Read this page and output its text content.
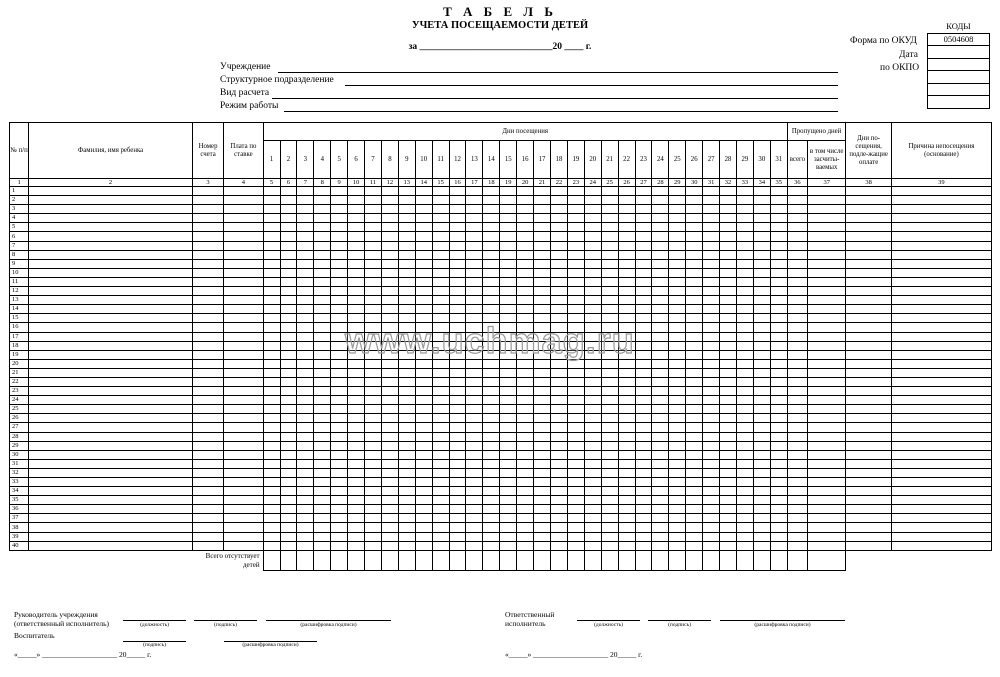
Т А Б Е Л Ь
УЧЕТА ПОСЕЩАЕМОСТИ ДЕТЕЙ
за ____________________________20 ____ г.
Учреждение
Структурное подразделение
Вид расчета
Режим работы
Форма по ОКУД
Дата
по ОКПО
КОДЫ
0504608

№ п/п	Фамилия, имя ребенка	Номер счета	Плата по ставке	Дни посещения																															Пропущено дней		Дни по-сещения, подле-жащие оплате	Причина непосещения (основание)
				1	2	3	4	5	6	7	8	9	10	11	12	13	14	15	16	17	18	19	20	21	22	23	24	25	26	27	28	29	30	31	всего	в том числе засчиты-ваемых		
1	2	3	4	5	6	7	8	9	10	11	12	13	14	15	16	17	18	19	20	21	22	23	24	25	26	27	28	29	30	31	32	33	34	35	36	37	38	39
1																																						
2																																						
3																																						
4																																						
5																																						
6																																						
7																																						
8																																						
9																																						
10																																						
11																																						
12																																						
13																																						
14																																						
15																																						
16																																						
17																																						
18																																						
19																																						
20																																						
21																																						
22																																						
23																																						
24																																						
25																																						
26																																						
27																																						
28																																						
29																																						
30																																						
31																																						
32																																						
33																																						
34																																						
35																																						
36																																						
37																																						
38																																						
39																																						
40																																						
Всего отсутствует детей																																						
Руководитель учреждения
(ответственный исполнитель)	(должность)	(подпись)	(расшифровка подписи)
Воспитатель
(подпись)	(расшифровка подписи)
«_____» ____________________ 20_____ г.
Ответственный
исполнитель	(должность)	(подпись)	(расшифровка подписи)
«_____» ____________________ 20_____ г.
www.uchmag.ru
